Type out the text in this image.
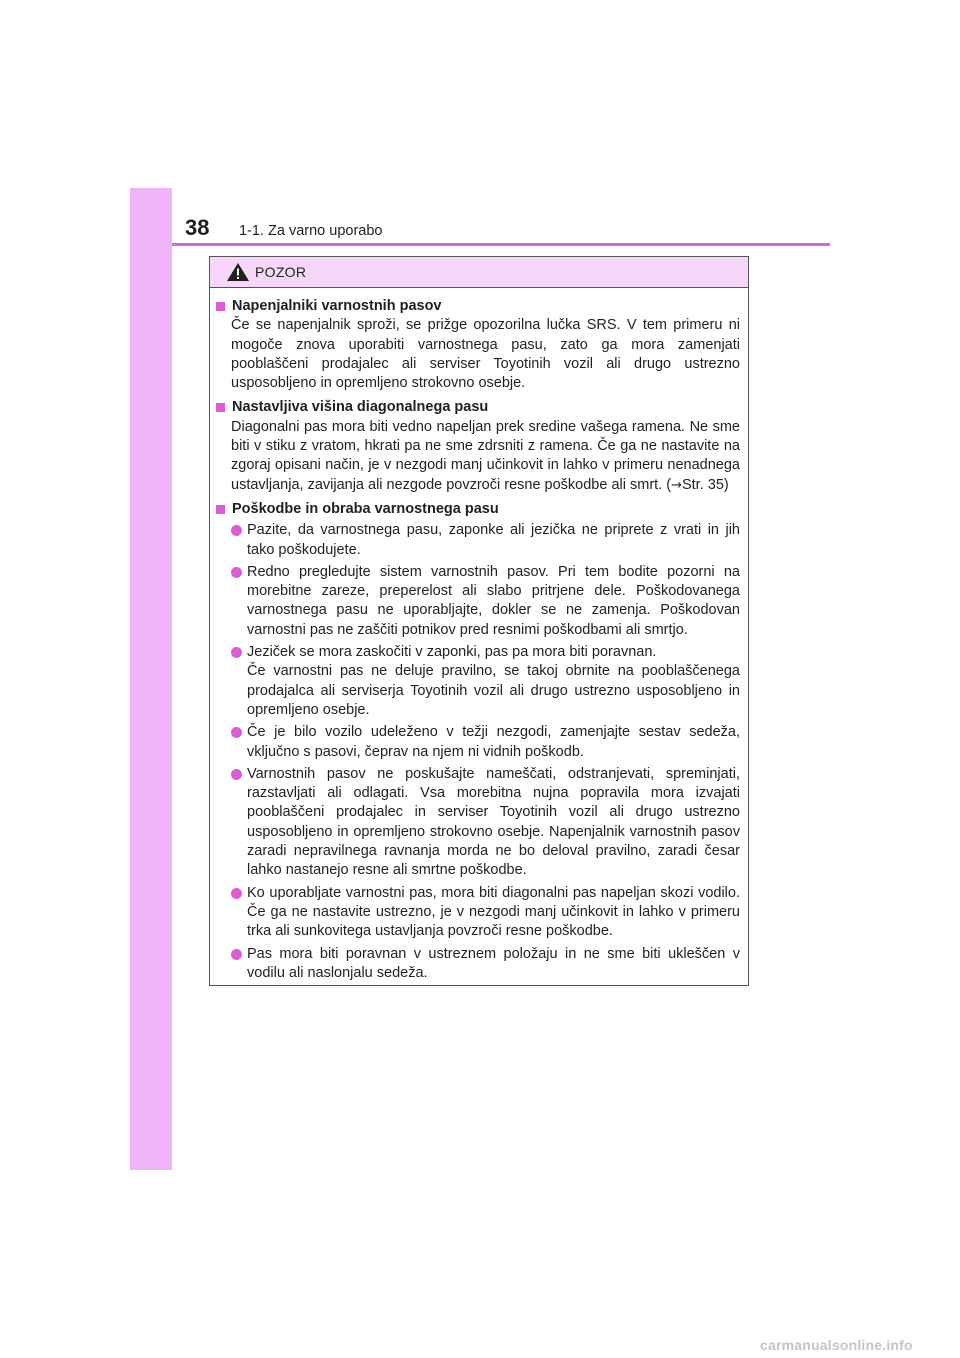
38 1-1. Za varno uporabo
POZOR
Napenjalniki varnostnih pasov
Če se napenjalnik sproži, se prižge opozorilna lučka SRS. V tem primeru ni mogoče znova uporabiti varnostnega pasu, zato ga mora zamenjati pooblaščeni prodajalec ali serviser Toyotinih vozil ali drugo ustrezno usposobljeno in opremljeno strokovno osebje.
Nastavljiva višina diagonalnega pasu
Diagonalni pas mora biti vedno napeljan prek sredine vašega ramena. Ne sme biti v stiku z vratom, hkrati pa ne sme zdrsniti z ramena. Če ga ne nastavite na zgoraj opisani način, je v nezgodi manj učinkovit in lahko v primeru nenadnega ustavljanja, zavijanja ali nezgode povzroči resne poškodbe ali smrt. (→Str. 35)
Poškodbe in obraba varnostnega pasu
Pazite, da varnostnega pasu, zaponke ali jezička ne priprete z vrati in jih tako poškodujete.
Redno pregledujte sistem varnostnih pasov. Pri tem bodite pozorni na morebitne zareze, preperelost ali slabo pritrjene dele. Poškodovanega varnostnega pasu ne uporabljajte, dokler se ne zamenja. Poškodovan varnostni pas ne zaščiti potnikov pred resnimi poškodbami ali smrtjo.
Jeziček se mora zaskočiti v zaponki, pas pa mora biti poravnan.
Če varnostni pas ne deluje pravilno, se takoj obrnite na pooblaščenega prodajalca ali serviserja Toyotinih vozil ali drugo ustrezno usposobljeno in opremljeno osebje.
Če je bilo vozilo udeleženo v težji nezgodi, zamenjajte sestav sedeža, vključno s pasovi, čeprav na njem ni vidnih poškodb.
Varnostnih pasov ne poskušajte nameščati, odstranjevati, spreminjati, razstavljati ali odlagati. Vsa morebitna nujna popravila mora izvajati pooblaščeni prodajalec in serviser Toyotinih vozil ali drugo ustrezno usposobljeno in opremljeno strokovno osebje. Napenjalnik varnostnih pasov zaradi nepravilnega ravnanja morda ne bo deloval pravilno, zaradi česar lahko nastanejo resne ali smrtne poškodbe.
Ko uporabljate varnostni pas, mora biti diagonalni pas napeljan skozi vodilo. Če ga ne nastavite ustrezno, je v nezgodi manj učinkovit in lahko v primeru trka ali sunkovitega ustavljanja povzroči resne poškodbe.
Pas mora biti poravnan v ustreznem položaju in ne sme biti ukleščen v vodilu ali naslonjalu sedeža.
carmanualsonline.info
